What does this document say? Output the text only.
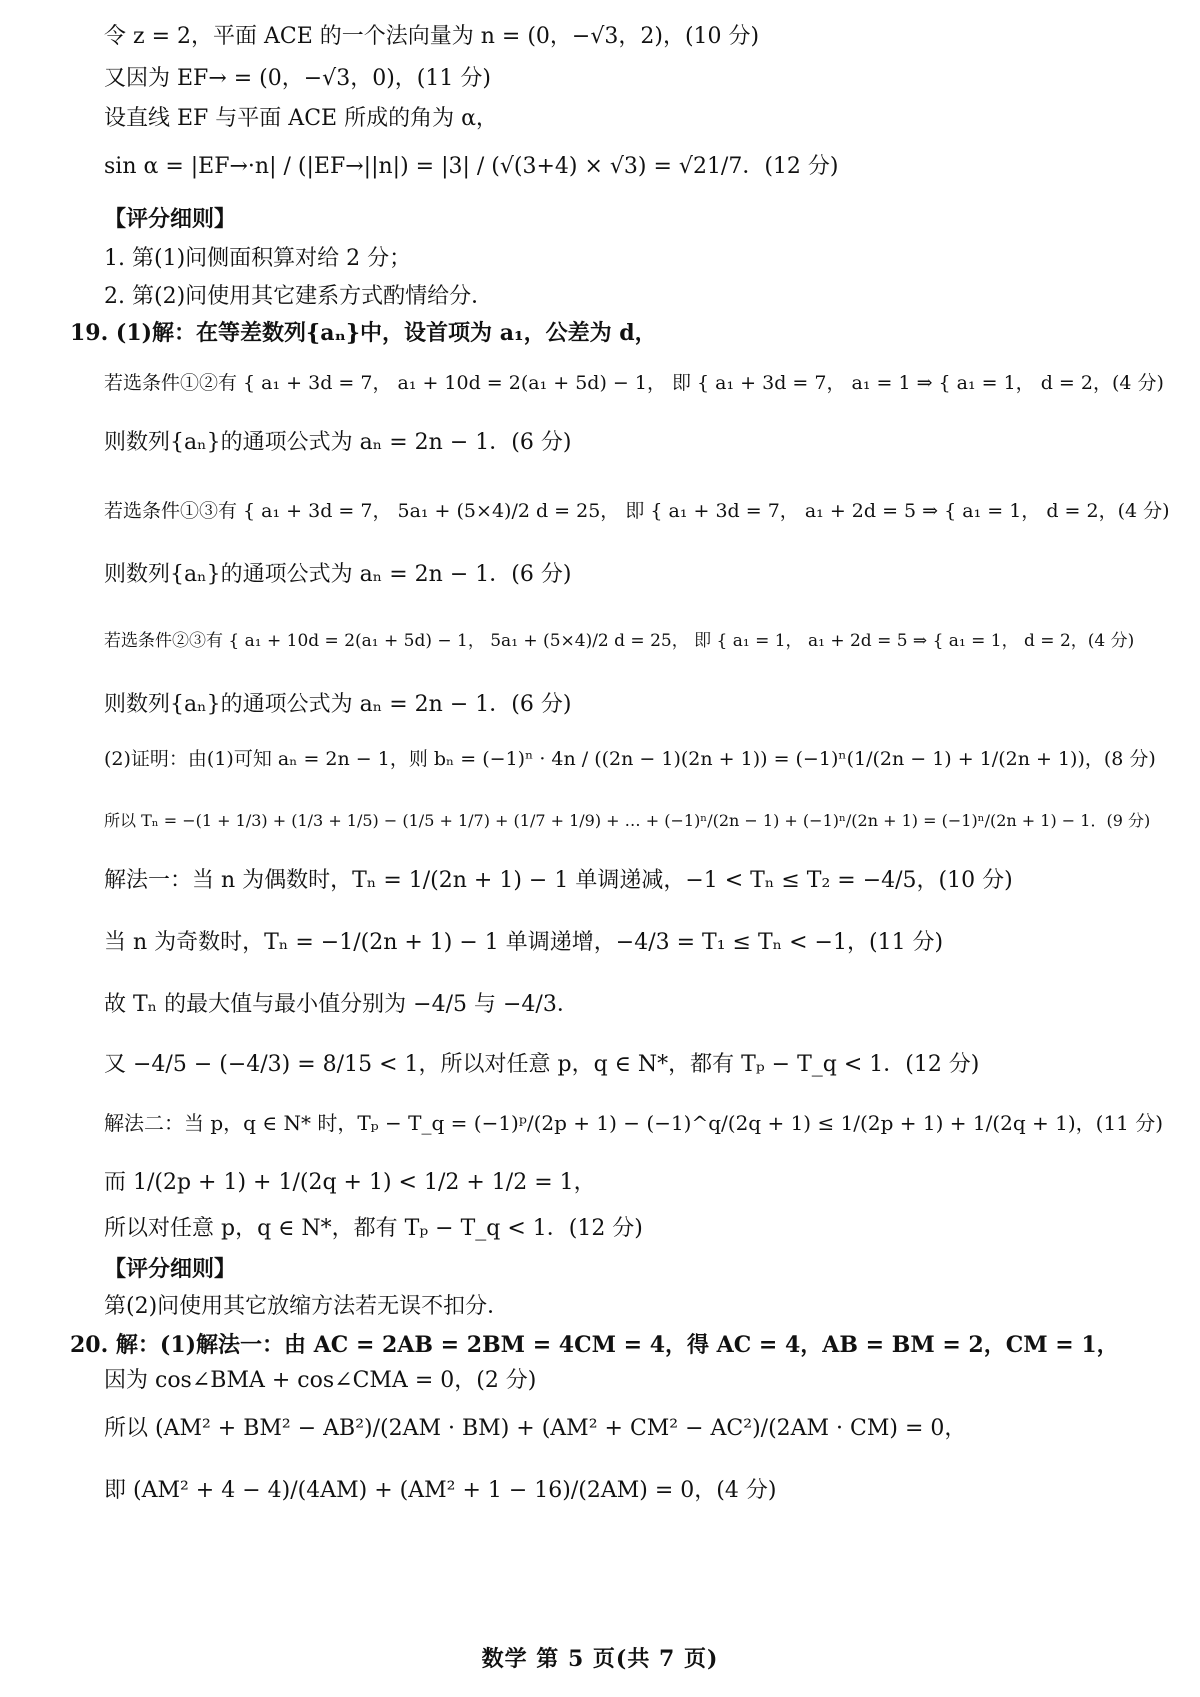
令 z = 2，平面 ACE 的一个法向量为 n = (0，−√3，2)，(10 分)
又因为 EF→ = (0，−√3，0)，(11 分)
设直线 EF 与平面 ACE 所成的角为 α，
sin α = |EF→·n| / (|EF→||n|) = |3| / (√(3+4) × √3) = √21/7．(12 分)
【评分细则】
1. 第(1)问侧面积算对给 2 分；
2. 第(2)问使用其它建系方式酌情给分．
19. (1)解：在等差数列{aₙ}中，设首项为 a₁，公差为 d，
若选条件①②有 { a₁ + 3d = 7， a₁ + 10d = 2(a₁ + 5d) − 1， 即 { a₁ + 3d = 7， a₁ = 1 ⇒ { a₁ = 1， d = 2，(4 分)
则数列{aₙ}的通项公式为 aₙ = 2n − 1．(6 分)
若选条件①③有 { a₁ + 3d = 7， 5a₁ + (5×4)/2 d = 25， 即 { a₁ + 3d = 7， a₁ + 2d = 5 ⇒ { a₁ = 1， d = 2，(4 分)
则数列{aₙ}的通项公式为 aₙ = 2n − 1．(6 分)
若选条件②③有 { a₁ + 10d = 2(a₁ + 5d) − 1， 5a₁ + (5×4)/2 d = 25， 即 { a₁ = 1， a₁ + 2d = 5 ⇒ { a₁ = 1， d = 2，(4 分)
则数列{aₙ}的通项公式为 aₙ = 2n − 1．(6 分)
(2)证明：由(1)可知 aₙ = 2n − 1，则 bₙ = (−1)ⁿ · 4n / ((2n − 1)(2n + 1)) = (−1)ⁿ(1/(2n − 1) + 1/(2n + 1))，(8 分)
所以 Tₙ = −(1 + 1/3) + (1/3 + 1/5) − (1/5 + 1/7) + (1/7 + 1/9) + … + (−1)ⁿ/(2n − 1) + (−1)ⁿ/(2n + 1) = (−1)ⁿ/(2n + 1) − 1．(9 分)
解法一：当 n 为偶数时，Tₙ = 1/(2n + 1) − 1 单调递减，−1 < Tₙ ≤ T₂ = −4/5，(10 分)
当 n 为奇数时，Tₙ = −1/(2n + 1) − 1 单调递增，−4/3 = T₁ ≤ Tₙ < −1，(11 分)
故 Tₙ 的最大值与最小值分别为 −4/5 与 −4/3．
又 −4/5 − (−4/3) = 8/15 < 1，所以对任意 p，q ∈ N*，都有 Tₚ − T_q < 1．(12 分)
解法二：当 p，q ∈ N* 时，Tₚ − T_q = (−1)ᵖ/(2p + 1) − (−1)^q/(2q + 1) ≤ 1/(2p + 1) + 1/(2q + 1)，(11 分)
而 1/(2p + 1) + 1/(2q + 1) < 1/2 + 1/2 = 1，
所以对任意 p，q ∈ N*，都有 Tₚ − T_q < 1．(12 分)
【评分细则】
第(2)问使用其它放缩方法若无误不扣分．
20. 解：(1)解法一：由 AC = 2AB = 2BM = 4CM = 4，得 AC = 4，AB = BM = 2，CM = 1，
因为 cos∠BMA + cos∠CMA = 0，(2 分)
所以 (AM² + BM² − AB²)/(2AM · BM) + (AM² + CM² − AC²)/(2AM · CM) = 0，
即 (AM² + 4 − 4)/(4AM) + (AM² + 1 − 16)/(2AM) = 0，(4 分)
数学 第 5 页(共 7 页)
